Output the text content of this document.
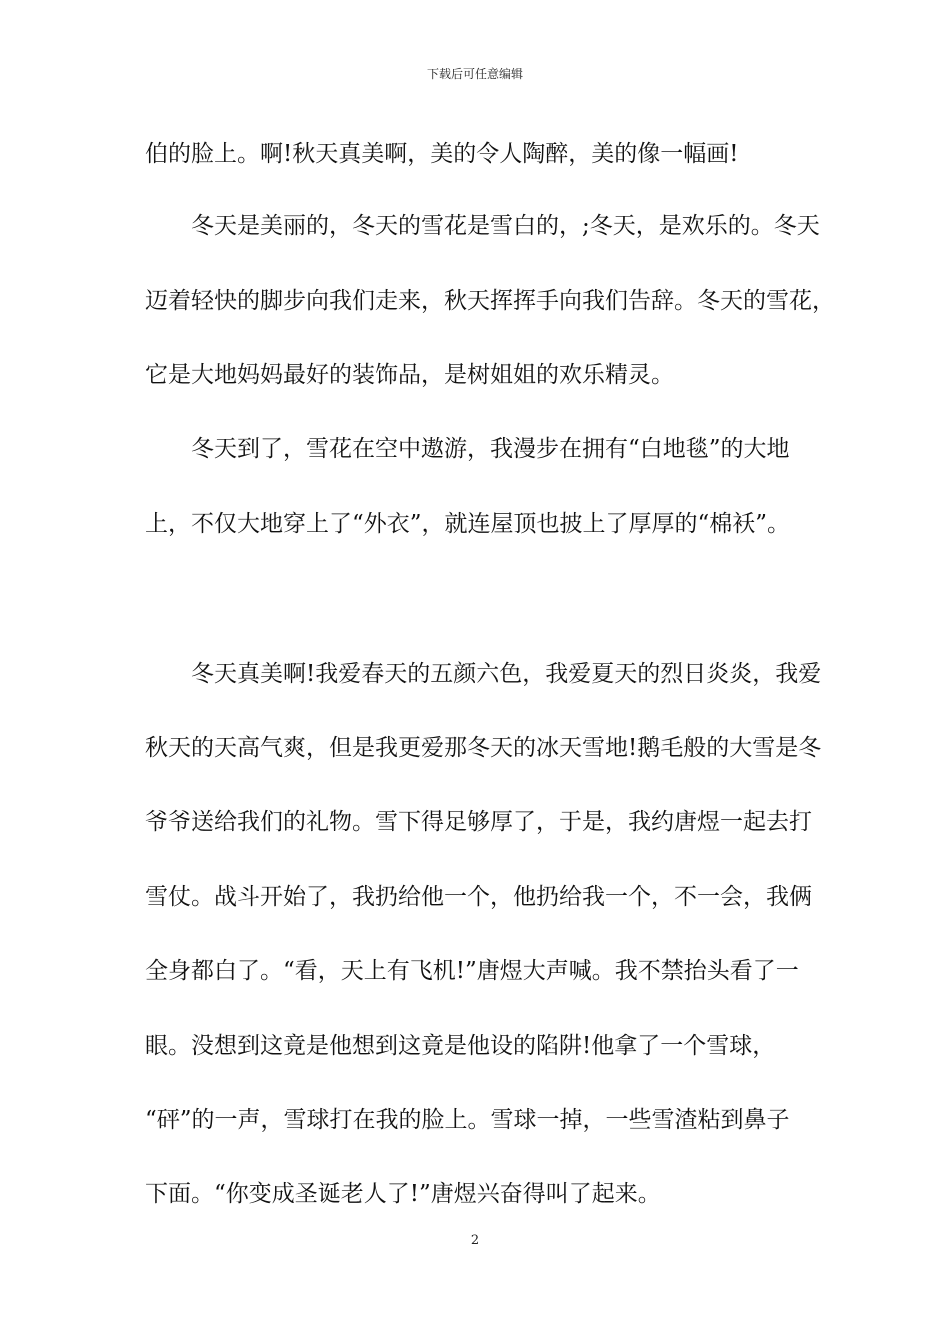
下载后可任意编辑
伯的脸上。啊!秋天真美啊，美的令人陶醉，美的像一幅画!
冬天是美丽的，冬天的雪花是雪白的，;冬天，是欢乐的。冬天
迈着轻快的脚步向我们走来，秋天挥挥手向我们告辞。冬天的雪花，
它是大地妈妈最好的装饰品，是树姐姐的欢乐精灵。
冬天到了，雪花在空中遨游，我漫步在拥有“白地毯”的大地
上，不仅大地穿上了“外衣”，就连屋顶也披上了厚厚的“棉袄”。
冬天真美啊!我爱春天的五颜六色，我爱夏天的烈日炎炎，我爱
秋天的天高气爽，但是我更爱那冬天的冰天雪地!鹅毛般的大雪是冬
爷爷送给我们的礼物。雪下得足够厚了，于是，我约唐煜一起去打
雪仗。战斗开始了，我扔给他一个，他扔给我一个，不一会，我俩
全身都白了。“看，天上有飞机!”唐煜大声喊。我不禁抬头看了一
眼。没想到这竟是他想到这竟是他设的陷阱!他拿了一个雪球，
“砰”的一声，雪球打在我的脸上。雪球一掉，一些雪渣粘到鼻子
下面。“你变成圣诞老人了!”唐煜兴奋得叫了起来。
2
